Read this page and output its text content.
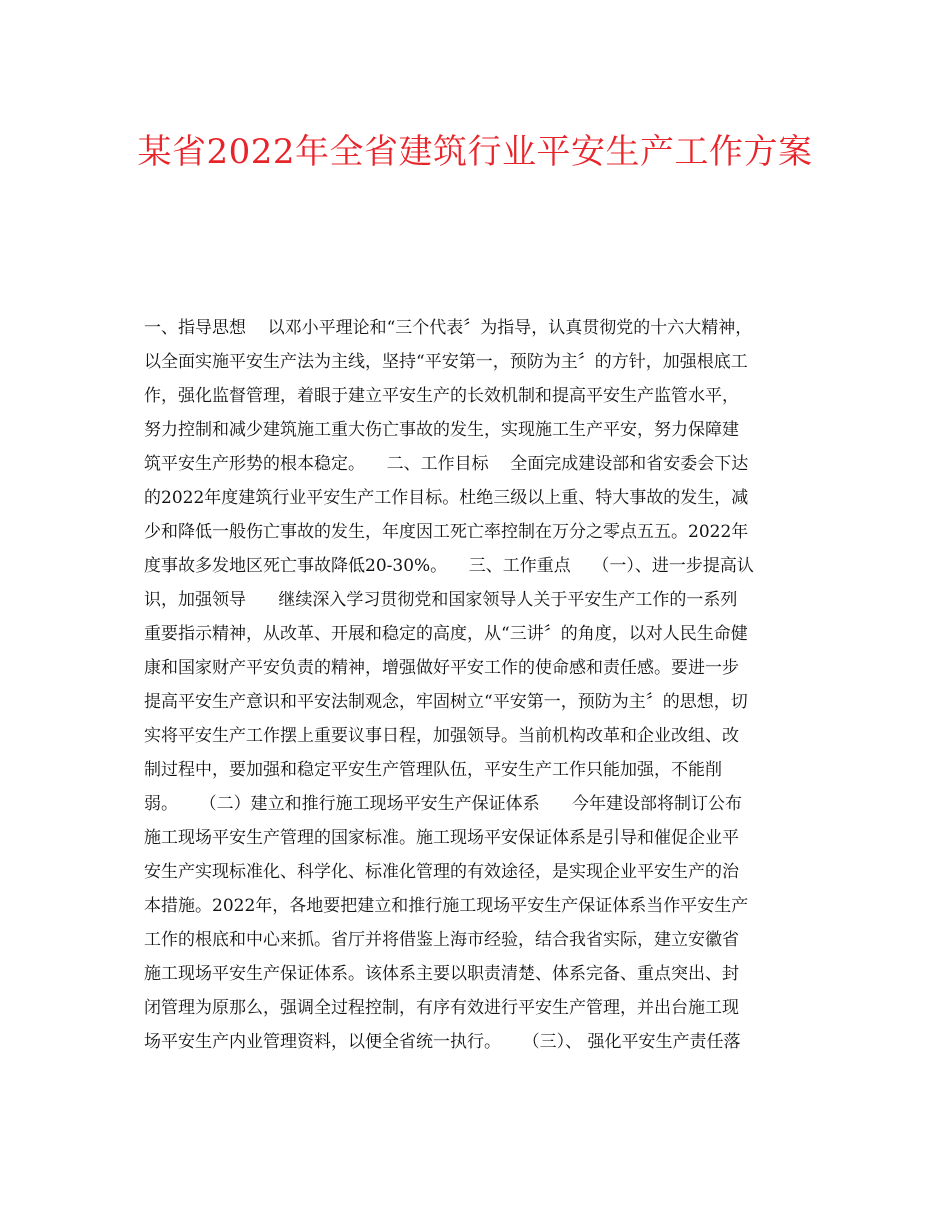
某省2022年全省建筑行业平安生产工作方案
一、指导思想    以邓小平理论和“三个代表〞为指导，认真贯彻党的十六大精神，
以全面实施平安生产法为主线，坚持“平安第一，预防为主〞的方针，加强根底工
作，强化监督管理，着眼于建立平安生产的长效机制和提高平安生产监管水平，
努力控制和减少建筑施工重大伤亡事故的发生，实现施工生产平安，努力保障建
筑平安生产形势的根本稳定。    二、工作目标    全面完成建设部和省安委会下达
的2022年度建筑行业平安生产工作目标。杜绝三级以上重、特大事故的发生，减
少和降低一般伤亡事故的发生，年度因工死亡率控制在万分之零点五五。2022年
度事故多发地区死亡事故降低20-30%。    三、工作重点    （一）、进一步提高认
识，加强领导      继续深入学习贯彻党和国家领导人关于平安生产工作的一系列
重要指示精神，从改革、开展和稳定的高度，从“三讲〞的角度，以对人民生命健
康和国家财产平安负责的精神，增强做好平安工作的使命感和责任感。要进一步
提高平安生产意识和平安法制观念，牢固树立“平安第一，预防为主〞的思想，切
实将平安生产工作摆上重要议事日程，加强领导。当前机构改革和企业改组、改
制过程中，要加强和稳定平安生产管理队伍，平安生产工作只能加强，不能削
弱。    （二）建立和推行施工现场平安生产保证体系      今年建设部将制订公布
施工现场平安生产管理的国家标准。施工现场平安保证体系是引导和催促企业平
安生产实现标准化、科学化、标准化管理的有效途径，是实现企业平安生产的治
本措施。2022年，各地要把建立和推行施工现场平安生产保证体系当作平安生产
工作的根底和中心来抓。省厅并将借鉴上海市经验，结合我省实际，建立安徽省
施工现场平安生产保证体系。该体系主要以职责清楚、体系完备、重点突出、封
闭管理为原那么，强调全过程控制，有序有效进行平安生产管理，并出台施工现
场平安生产内业管理资料，以便全省统一执行。    （三）、 强化平安生产责任落
